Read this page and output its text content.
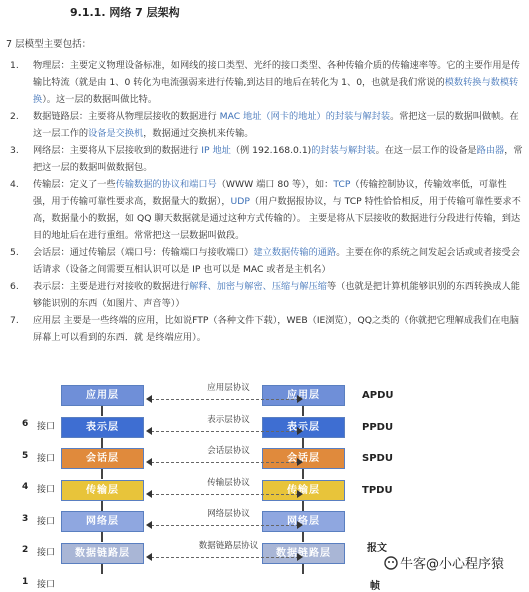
9.1.1. 网络 7 层架构
7 层模型主要包括：
1. 物理层：主要定义物理设备标准，如网线的接口类型、光纤的接口类型、各种传输介质的传输速率等。它的主要作用是传输比特流（就是由 1、0 转化为电流强弱来进行传输,到达目的地后在转化为 1、0，也就是我们常说的模数转换与数模转换）。这一层的数据叫做比特。
2. 数据链路层：主要将从物理层接收的数据进行 MAC 地址（网卡的地址）的封装与解封装。常把这一层的数据叫做帧。在这一层工作的设备是交换机，数据通过交换机来传输。
3. 网络层：主要将从下层接收到的数据进行 IP 地址（例 192.168.0.1)的封装与解封装。在这一层工作的设备是路由器，常把这一层的数据叫做数据包。
4. 传输层：定义了一些传输数据的协议和端口号（WWW 端口 80 等），如：TCP（传输控制协议，传输效率低，可靠性强，用于传输可靠性要求高，数据量大的数据），UDP（用户数据报协议，与 TCP 特性恰恰相反，用于传输可靠性要求不高，数据量小的数据，如 QQ 聊天数据就是通过这种方式传输的）。 主要是将从下层接收的数据进行分段进行传输，到达目的地址后在进行重组。常常把这一层数据叫做段。
5. 会话层：通过传输层（端口号：传输端口与接收端口）建立数据传输的通路。主要在你的系统之间发起会话或或者接受会话请求（设备之间需要互相认识可以是 IP 也可以是 MAC 或者是主机名）
6. 表示层：主要是进行对接收的数据进行解释、加密与解密、压缩与解压缩等（也就是把计算机能够识别的东西转换成人能够能识别的东西（如图片、声音等））
7. 应用层 主要是一些终端的应用，比如说FTP（各种文件下载），WEB（IE浏览），QQ之类的（你就把它理解成我们在电脑屏幕上可以看到的东西．就 是终端应用）。
应用层	应用层
应用层协议
APDU
6 接口	表示层	表示层
表示层协议
PPDU
5 接口	会话层	会话层
会话层协议
SPDU
4 接口	传输层	传输层
传输层协议
TPDU
3 接口	网络层	网络层
网络层协议
报文
2 接口	数据链路层	数据链路层
数据链路层协议
帧
1 接口
牛客@小心程序猿
